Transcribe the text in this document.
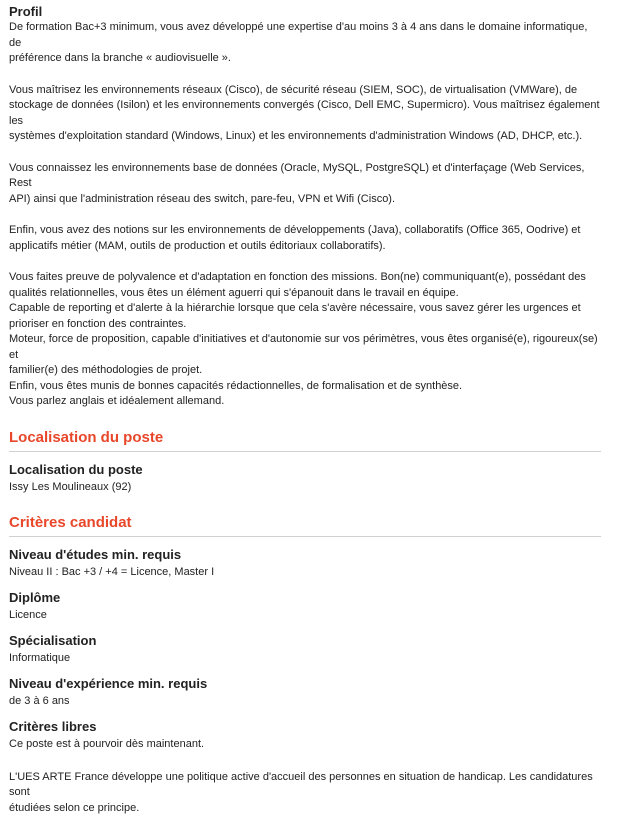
Profil

De formation Bac+3 minimum, vous avez développé une expertise d'au moins 3 à 4 ans dans le domaine informatique, de

préférence dans la branche « audiovisuelle ».

Vous maîtrisez les environnements réseaux (Cisco), de sécurité réseau (SIEM, SOC), de virtualisation (VMWare), de

stockage de données (Isilon) et les environnements convergés (Cisco, Dell EMC, Supermicro). Vous maîtrisez également les

systèmes d'exploitation standard (Windows, Linux) et les environnements d'administration Windows (AD, DHCP, etc.).

Vous connaissez les environnements base de données (Oracle, MySQL, PostgreSQL) et d'interfaçage (Web Services, Rest

API) ainsi que l'administration réseau des switch, pare-feu, VPN et Wifi (Cisco).

Enfin, vous avez des notions sur les environnements de développements (Java), collaboratifs (Office 365, Oodrive) et

applicatifs métier (MAM, outils de production et outils éditoriaux collaboratifs).

Vous faites preuve de polyvalence et d'adaptation en fonction des missions. Bon(ne) communiquant(e), possédant des

qualités relationnelles, vous êtes un élément aguerri qui s'épanouit dans le travail en équipe.

Capable de reporting et d'alerte à la hiérarchie lorsque que cela s'avère nécessaire, vous savez gérer les urgences et

prioriser en fonction des contraintes.

Moteur, force de proposition, capable d'initiatives et d'autonomie sur vos périmètres, vous êtes organisé(e), rigoureux(se) et

familier(e) des méthodologies de projet.

Enfin, vous êtes munis de bonnes capacités rédactionnelles, de formalisation et de synthèse.

Vous parlez anglais et idéalement allemand.

Localisation du poste

Localisation du poste

Issy Les Moulineaux (92)

Critères candidat

Niveau d'études min. requis

Niveau II : Bac +3 / +4 = Licence, Master I

Diplôme

Licence

Spécialisation

Informatique

Niveau d'expérience min. requis

de 3 à 6 ans

Critères libres

Ce poste est à pourvoir dès maintenant.

L'UES ARTE France développe une politique active d'accueil des personnes en situation de handicap. Les candidatures sont

étudiées selon ce principe.
